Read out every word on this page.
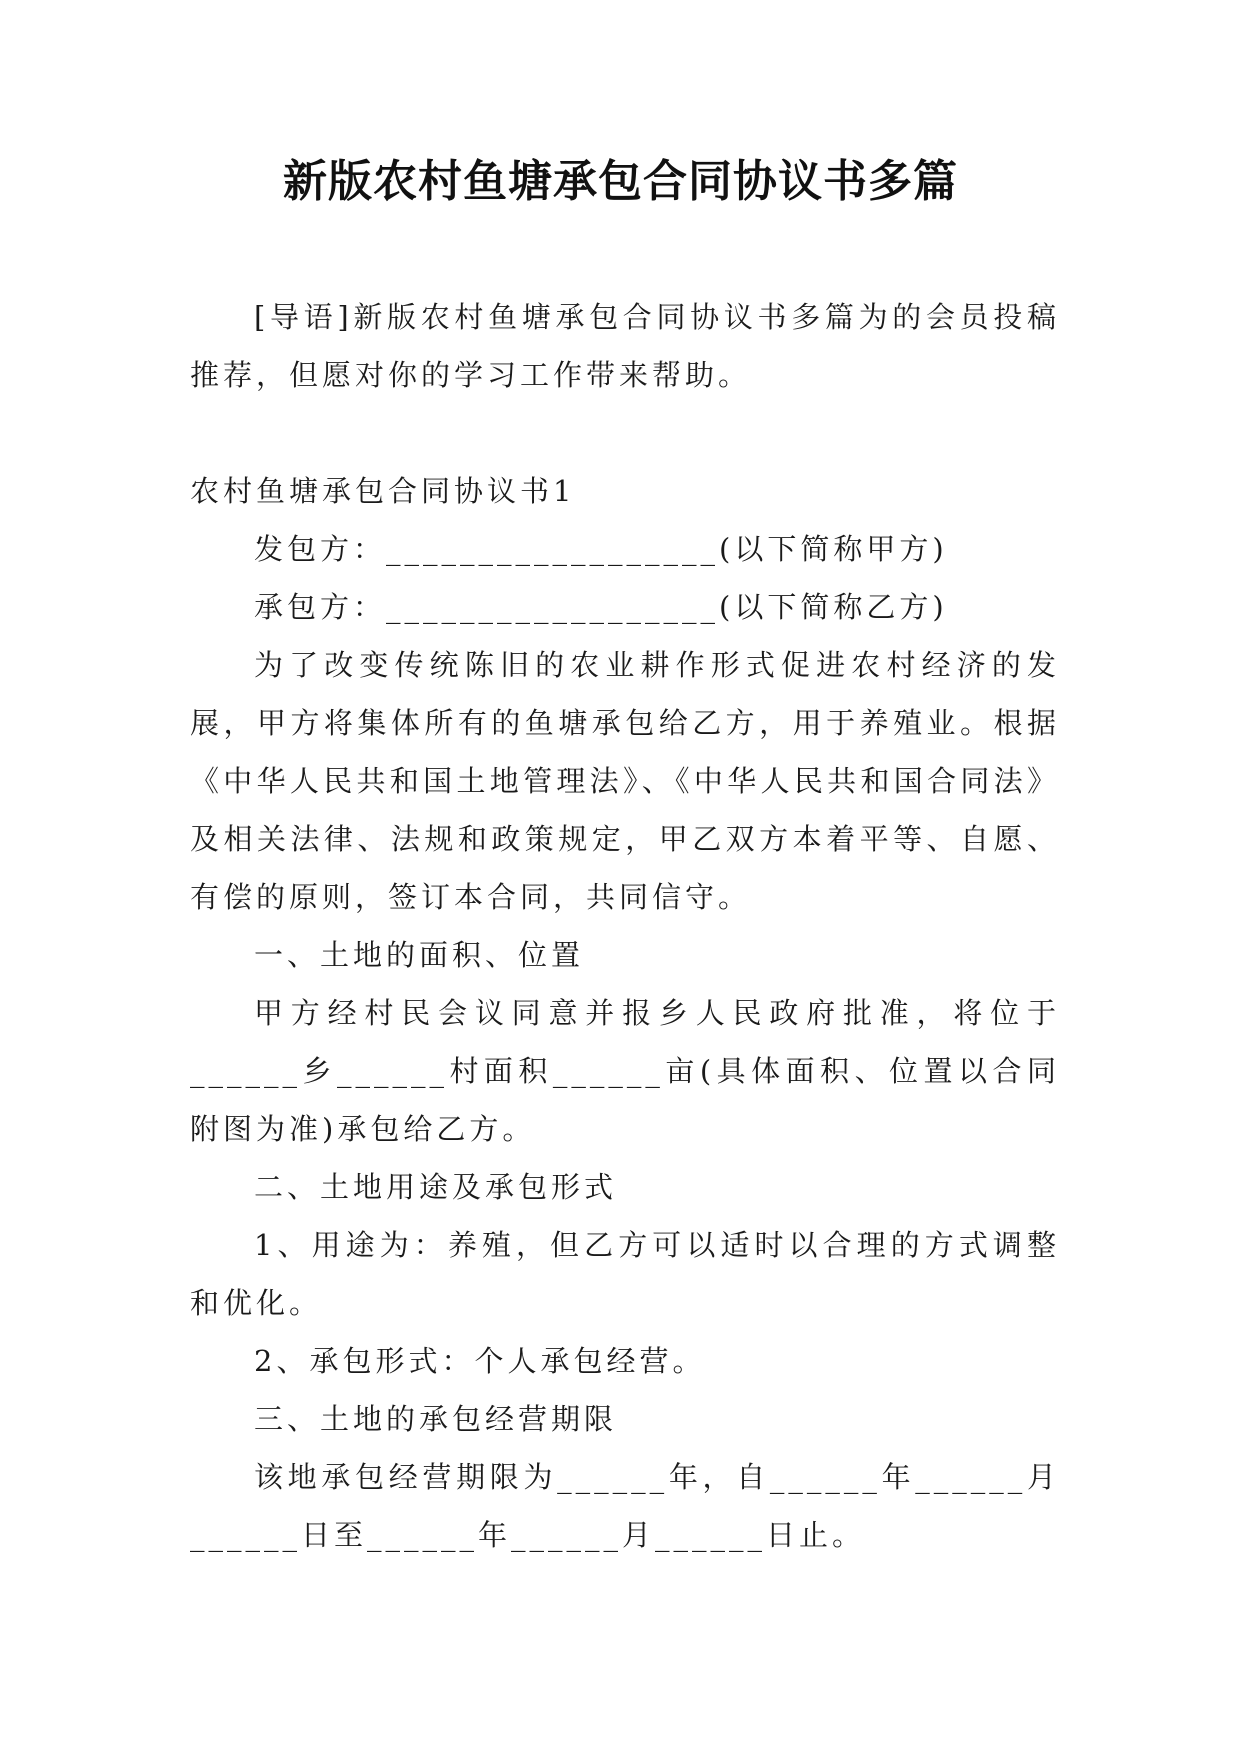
新版农村鱼塘承包合同协议书多篇

[导语]新版农村鱼塘承包合同协议书多篇为的会员投稿推荐，但愿对你的学习工作带来帮助。

农村鱼塘承包合同协议书1

发包方：__________________(以下简称甲方)

承包方：__________________(以下简称乙方)

为了改变传统陈旧的农业耕作形式促进农村经济的发展，甲方将集体所有的鱼塘承包给乙方，用于养殖业。根据《中华人民共和国土地管理法》、《中华人民共和国合同法》及相关法律、法规和政策规定，甲乙双方本着平等、自愿、有偿的原则，签订本合同，共同信守。

一、土地的面积、位置

甲方经村民会议同意并报乡人民政府批准，将位于______乡______村面积______亩(具体面积、位置以合同附图为准)承包给乙方。

二、土地用途及承包形式

1、用途为：养殖，但乙方可以适时以合理的方式调整和优化。

2、承包形式：个人承包经营。

三、土地的承包经营期限

该地承包经营期限为______年，自______年______月______日至______年______月______日止。
